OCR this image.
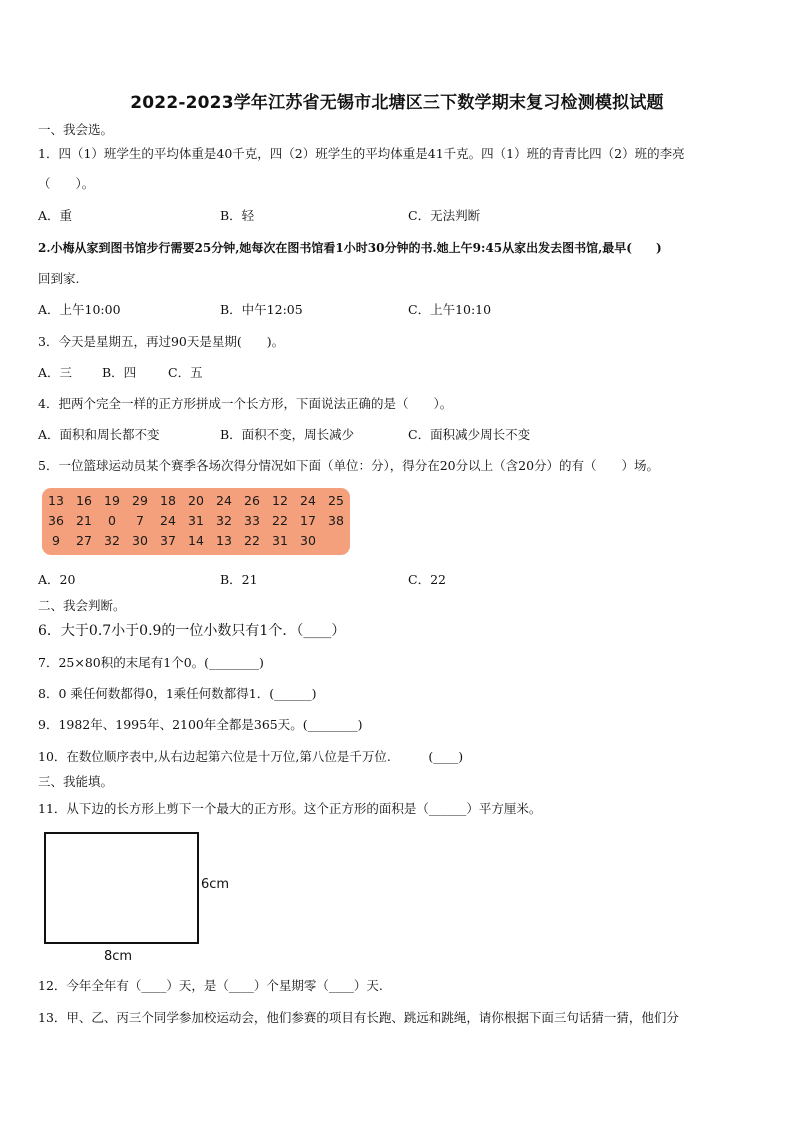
2022-2023学年江苏省无锡市北塘区三下数学期末复习检测模拟试题
一、我会选。
1．四（1）班学生的平均体重是40千克，四（2）班学生的平均体重是41千克。四（1）班的青青比四（2）班的李亮
（　　）。
A．重	B．轻	C．无法判断
2.小梅从家到图书馆步行需要25分钟,她每次在图书馆看1小时30分钟的书.她上午9:45从家出发去图书馆,最早(　　)
回到家.
A．上午10:00	B．中午12:05	C．上午10:10
3．今天是星期五，再过90天是星期(　　)。
A．三 B．四	C．五
4．把两个完全一样的正方形拼成一个长方形，下面说法正确的是（　　）。
A．面积和周长都不变	B．面积不变，周长减少	C．面积减少周长不变
5．一位篮球运动员某个赛季各场次得分情况如下面（单位：分），得分在20分以上（含20分）的有（　　）场。
13 16 19 29 18 20 24 26 12 24 25
36 21	0	7	24 31 32 33 22 17 38
9	27 32 30 37 14 13 22 31 30
A．20	B．21	C．22
二、我会判断。
6．大于0.7小于0.9的一位小数只有1个．（____）
7．25×80积的末尾有1个0。(________)
8．0 乘任何数都得0，1乘任何数都得1．(______)
9．1982年、1995年、2100年全都是365天。(________)
10．在数位顺序表中,从右边起第六位是十万位,第八位是千万位.　　　(____)
三、我能填。
11．从下边的长方形上剪下一个最大的正方形。这个正方形的面积是（______）平方厘米。
6cm
8cm
12．今年全年有（____）天，是（____）个星期零（____）天.
13．甲、乙、丙三个同学参加校运动会，他们参赛的项目有长跑、跳远和跳绳，请你根据下面三句话猜一猜，他们分
